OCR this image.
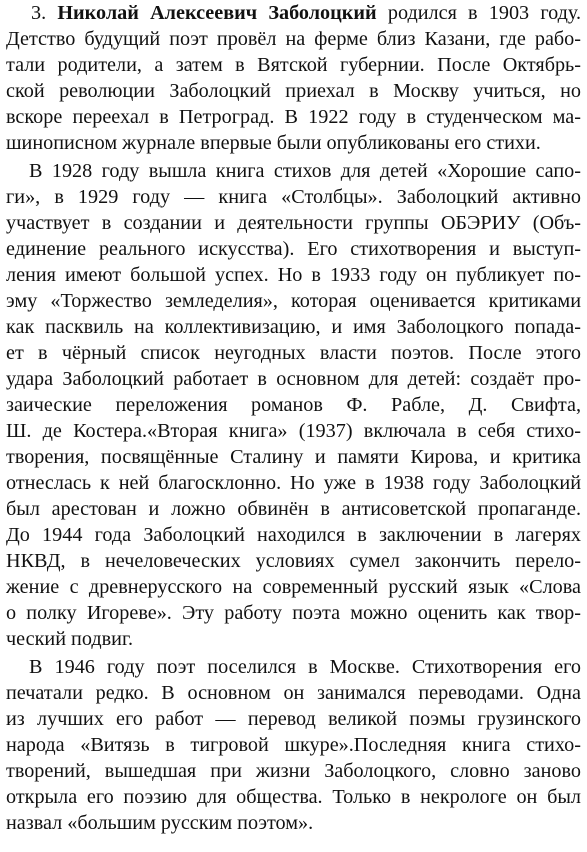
3. Николай Алексеевич Заболоцкий родился в 1903 году.
Детство будущий поэт провёл на ферме близ Казани, где рабо-
тали родители, а затем в Вятской губернии. После Октябрь-
ской революции Заболоцкий приехал в Москву учиться, но
вскоре переехал в Петроград. В 1922 году в студенческом ма-
шинописном журнале впервые были опубликованы его стихи.
В 1928 году вышла книга стихов для детей «Хорошие сапо-
ги», в 1929 году — книга «Столбцы». Заболоцкий активно
участвует в создании и деятельности группы ОБЭРИУ (Объ-
единение реального искусства). Его стихотворения и выступ-
ления имеют большой успех. Но в 1933 году он публикует по-
эму «Торжество земледелия», которая оценивается критиками
как пасквиль на коллективизацию, и имя Заболоцкого попада-
ет в чёрный список неугодных власти поэтов. После этого
удара Заболоцкий работает в основном для детей: создаёт про-
заические переложения романов Ф. Рабле, Д. Свифта,
Ш. де Костера.«Вторая книга» (1937) включала в себя стихо-
творения, посвящённые Сталину и памяти Кирова, и критика
отнеслась к ней благосклонно. Но уже в 1938 году Заболоцкий
был арестован и ложно обвинён в антисоветской пропаганде.
До 1944 года Заболоцкий находился в заключении в лагерях
НКВД, в нечеловеческих условиях сумел закончить перело-
жение с древнерусского на современный русский язык «Слова
о полку Игореве». Эту работу поэта можно оценить как твор-
ческий подвиг.
В 1946 году поэт поселился в Москве. Стихотворения его
печатали редко. В основном он занимался переводами. Одна
из лучших его работ — перевод великой поэмы грузинского
народа «Витязь в тигровой шкуре».Последняя книга стихо-
творений, вышедшая при жизни Заболоцкого, словно заново
открыла его поэзию для общества. Только в некрологе он был
назвал «большим русским поэтом».
